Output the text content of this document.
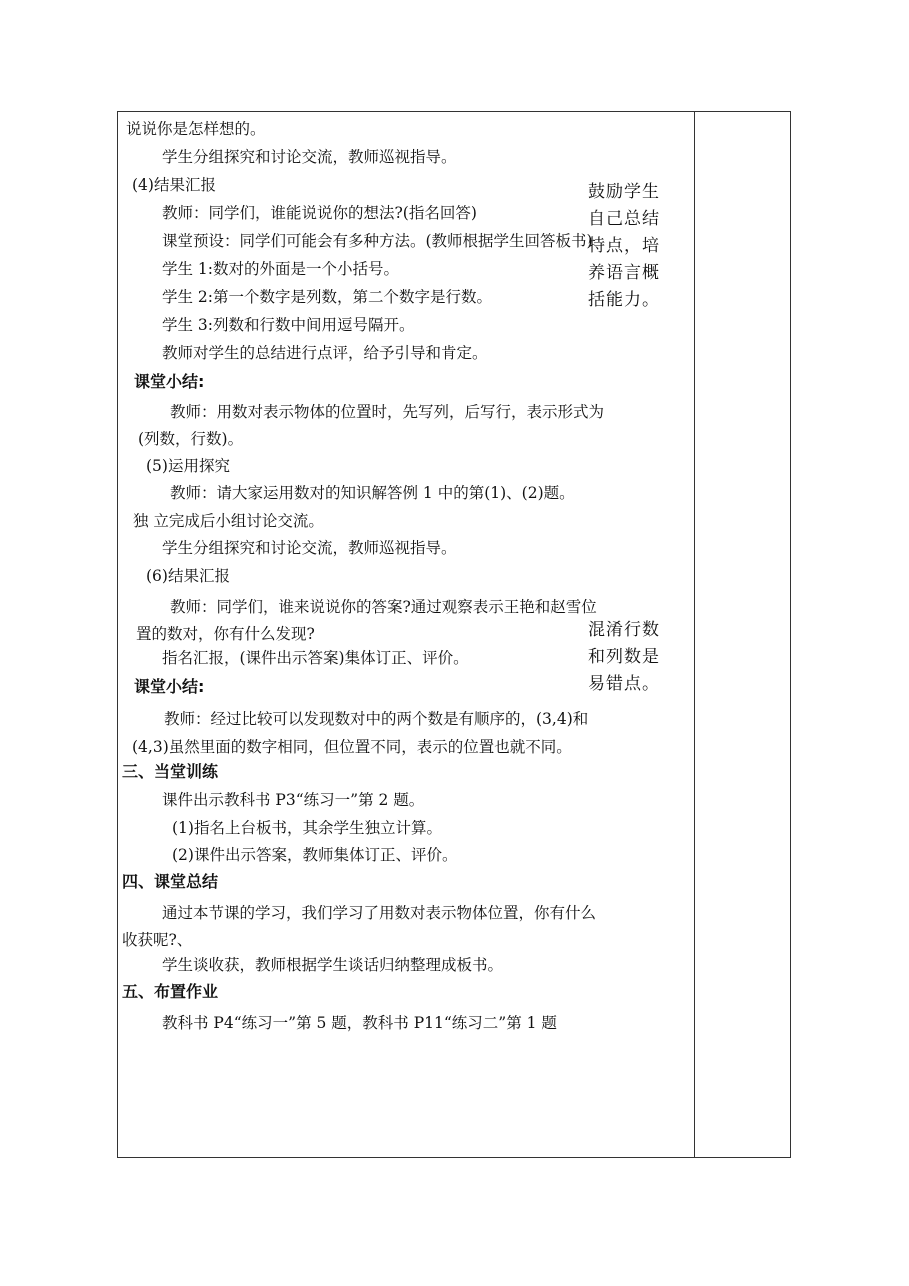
说说你是怎样想的。
学生分组探究和讨论交流，教师巡视指导。
(4)结果汇报
教师：同学们，谁能说说你的想法?(指名回答)
课堂预设：同学们可能会有多种方法。(教师根据学生回答板书)
学生 1:数对的外面是一个小括号。
学生 2:第一个数字是列数，第二个数字是行数。
学生 3:列数和行数中间用逗号隔开。
教师对学生的总结进行点评，给予引导和肯定。
课堂小结:
教师：用数对表示物体的位置时，先写列，后写行，表示形式为
(列数，行数)。
(5)运用探究
教师：请大家运用数对的知识解答例 1 中的第(1)、(2)题。
独 立完成后小组讨论交流。
学生分组探究和讨论交流，教师巡视指导。
(6)结果汇报
教师：同学们，谁来说说你的答案?通过观察表示王艳和赵雪位
置的数对，你有什么发现?
指名汇报，(课件出示答案)集体订正、评价。
课堂小结:
教师：经过比较可以发现数对中的两个数是有顺序的，(3,4)和
(4,3)虽然里面的数字相同，但位置不同，表示的位置也就不同。
三、当堂训练
课件出示教科书 P3“练习一”第 2 题。
(1)指名上台板书，其余学生独立计算。
(2)课件出示答案，教师集体订正、评价。
四、课堂总结
通过本节课的学习，我们学习了用数对表示物体位置，你有什么
收获呢?、
学生谈收获，教师根据学生谈话归纳整理成板书。
五、布置作业
教科书 P4“练习一”第 5 题，教科书 P11“练习二”第 1 题
鼓励学生
自己总结
特点，培
养语言概
括能力。
混淆行数
和列数是
易错点。
